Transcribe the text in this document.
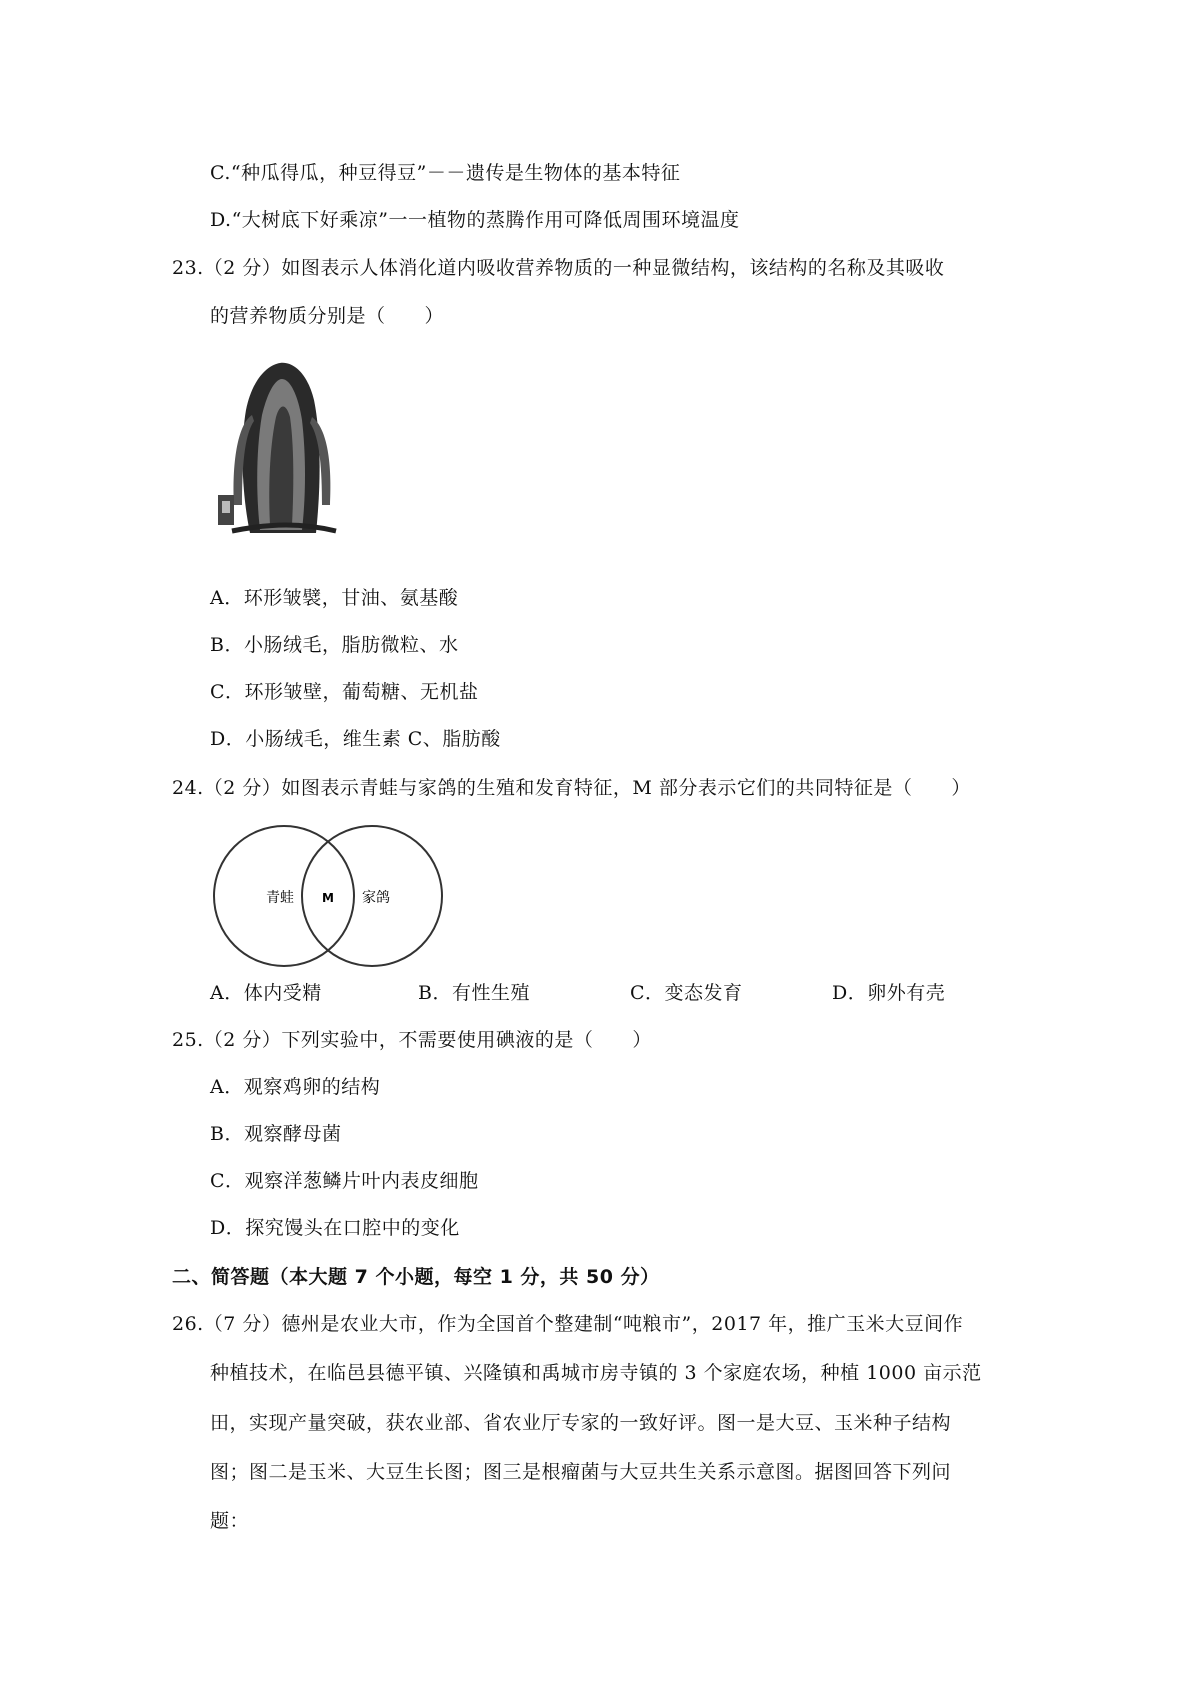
C.“种瓜得瓜，种豆得豆”－－遗传是生物体的基本特征
D.“大树底下好乘凉”一一植物的蒸腾作用可降低周围环境温度
23.（2 分）如图表示人体消化道内吸收营养物质的一种显微结构，该结构的名称及其吸收
的营养物质分别是（　　）
A．环形皱襞，甘油、氨基酸
B．小肠绒毛，脂肪微粒、水
C．环形皱壁，葡萄糖、无机盐
D．小肠绒毛，维生素 C、脂肪酸
24.（2 分）如图表示青蛙与家鸽的生殖和发育特征，M 部分表示它们的共同特征是（　　）
青蛙 M 家鸽
A．体内受精	B．有性生殖	C．变态发育	D．卵外有壳
25.（2 分）下列实验中，不需要使用碘液的是（　　）
A．观察鸡卵的结构
B．观察酵母菌
C．观察洋葱鳞片叶内表皮细胞
D．探究馒头在口腔中的变化
二、简答题（本大题 7 个小题，每空 1 分，共 50 分）
26.（7 分）德州是农业大市，作为全国首个整建制“吨粮市”，2017 年，推广玉米大豆间作
种植技术，在临邑县德平镇、兴隆镇和禹城市房寺镇的 3 个家庭农场，种植 1000 亩示范
田，实现产量突破，获农业部、省农业厅专家的一致好评。图一是大豆、玉米种子结构
图；图二是玉米、大豆生长图；图三是根瘤菌与大豆共生关系示意图。据图回答下列问
题：
